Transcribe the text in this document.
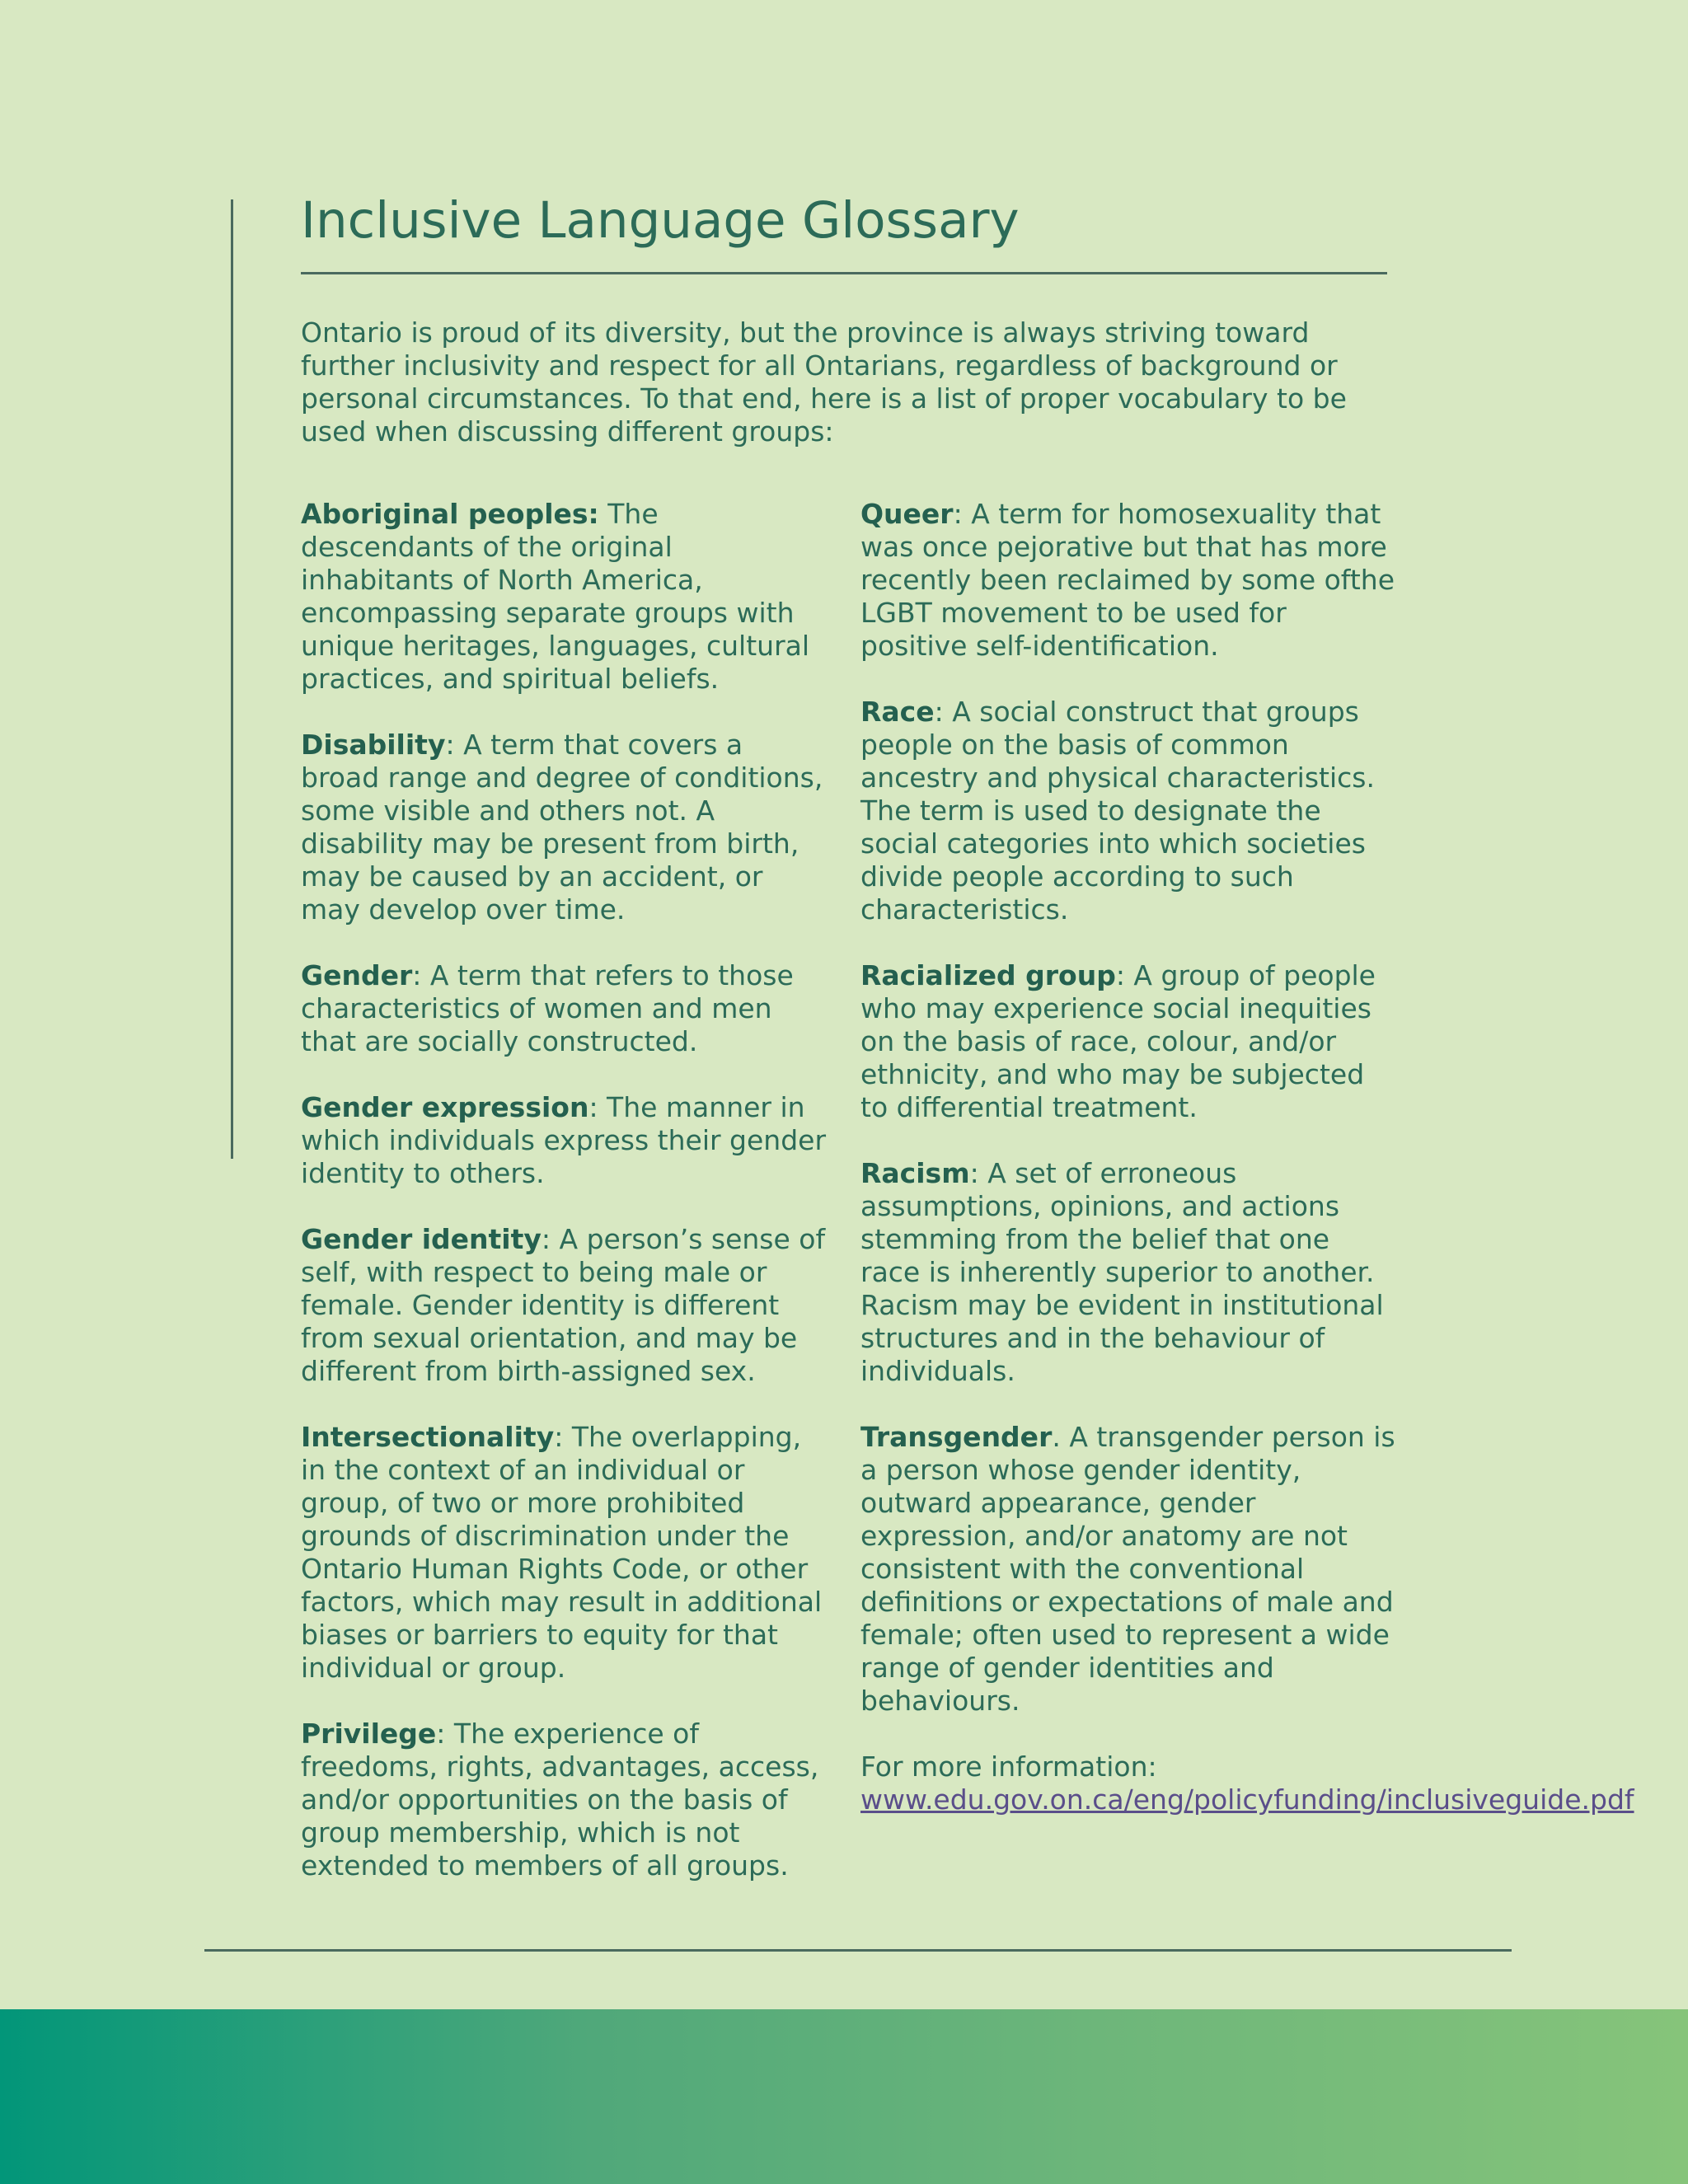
Inclusive Language Glossary

Ontario is proud of its diversity, but the province is always striving toward further inclusivity and respect for all Ontarians, regardless of background or personal circumstances. To that end, here is a list of proper vocabulary to be used when discussing different groups:

Aboriginal peoples: The descendants of the original inhabitants of North America, encompassing separate groups with unique heritages, languages, cultural practices, and spiritual beliefs.

Disability: A term that covers a broad range and degree of conditions, some visible and others not. A disability may be present from birth, may be caused by an accident, or may develop over time.

Gender: A term that refers to those characteristics of women and men that are socially constructed.

Gender expression: The manner in which individuals express their gender identity to others.

Gender identity: A person’s sense of self, with respect to being male or female. Gender identity is different from sexual orientation, and may be different from birth-assigned sex.

Intersectionality: The overlapping, in the context of an individual or group, of two or more prohibited grounds of discrimination under the Ontario Human Rights Code, or other factors, which may result in additional biases or barriers to equity for that individual or group.

Privilege: The experience of freedoms, rights, advantages, access, and/or opportunities on the basis of group membership, which is not extended to members of all groups.

Queer: A term for homosexuality that was once pejorative but that has more recently been reclaimed by some ofthe LGBT movement to be used for positive self-identification.

Race: A social construct that groups people on the basis of common ancestry and physical characteristics. The term is used to designate the social categories into which societies divide people according to such characteristics.

Racialized group: A group of people who may experience social inequities on the basis of race, colour, and/or ethnicity, and who may be subjected to differential treatment.

Racism: A set of erroneous assumptions, opinions, and actions stemming from the belief that one race is inherently superior to another. Racism may be evident in institutional structures and in the behaviour of individuals.

Transgender. A transgender person is a person whose gender identity, outward appearance, gender expression, and/or anatomy are not consistent with the conventional definitions or expectations of male and female; often used to represent a wide range of gender identities and behaviours.

For more information: www.edu.gov.on.ca/eng/policyfunding/inclusiveguide.pdf
